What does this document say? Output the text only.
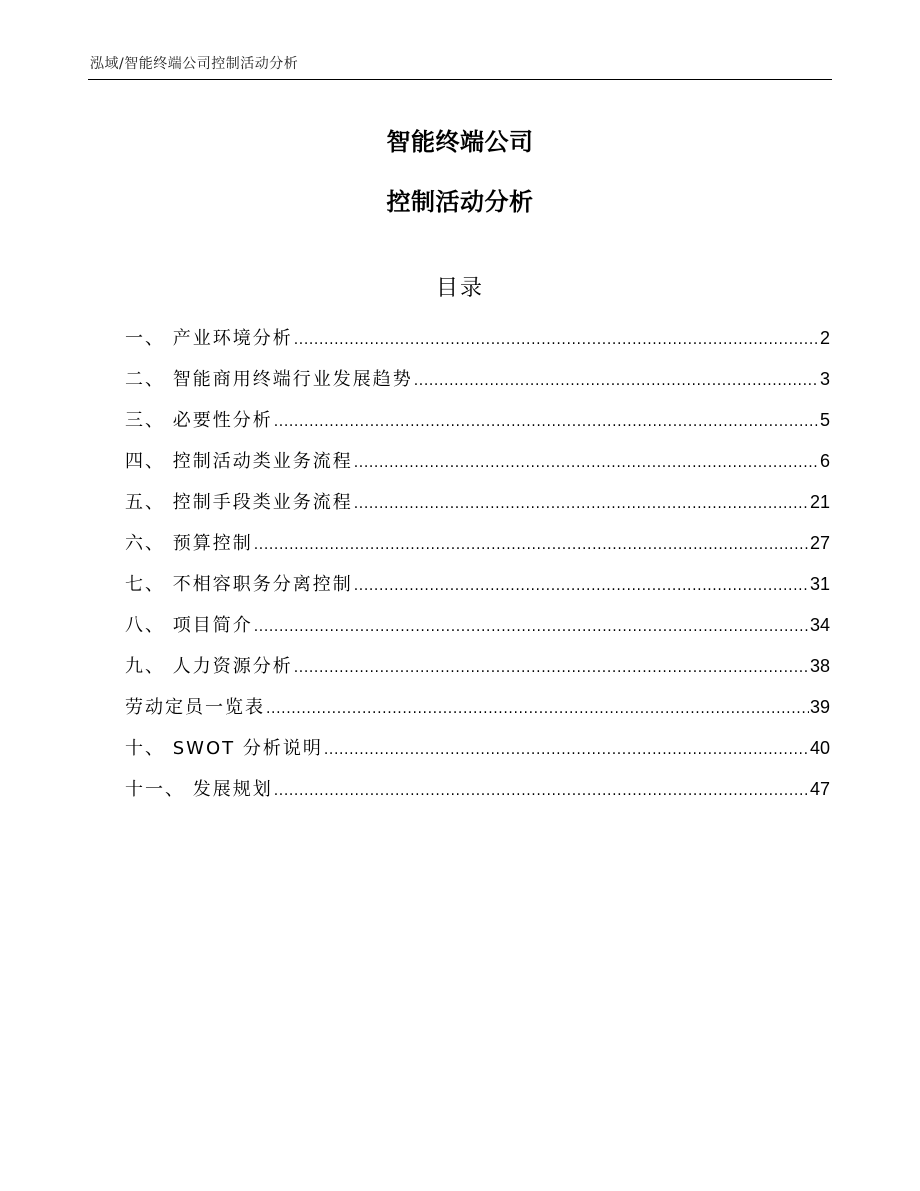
泓域/智能终端公司控制活动分析
智能终端公司
控制活动分析
目录
一、 产业环境分析 .....	2
二、 智能商用终端行业发展趋势 .....	3
三、 必要性分析 .....	5
四、 控制活动类业务流程 .....	6
五、 控制手段类业务流程 .....	21
六、 预算控制 .....	27
七、 不相容职务分离控制 .....	31
八、 项目简介 .....	34
九、 人力资源分析 .....	38
劳动定员一览表 .....	39
十、 SWOT 分析说明 .....	40
十一、 发展规划 .....	47
